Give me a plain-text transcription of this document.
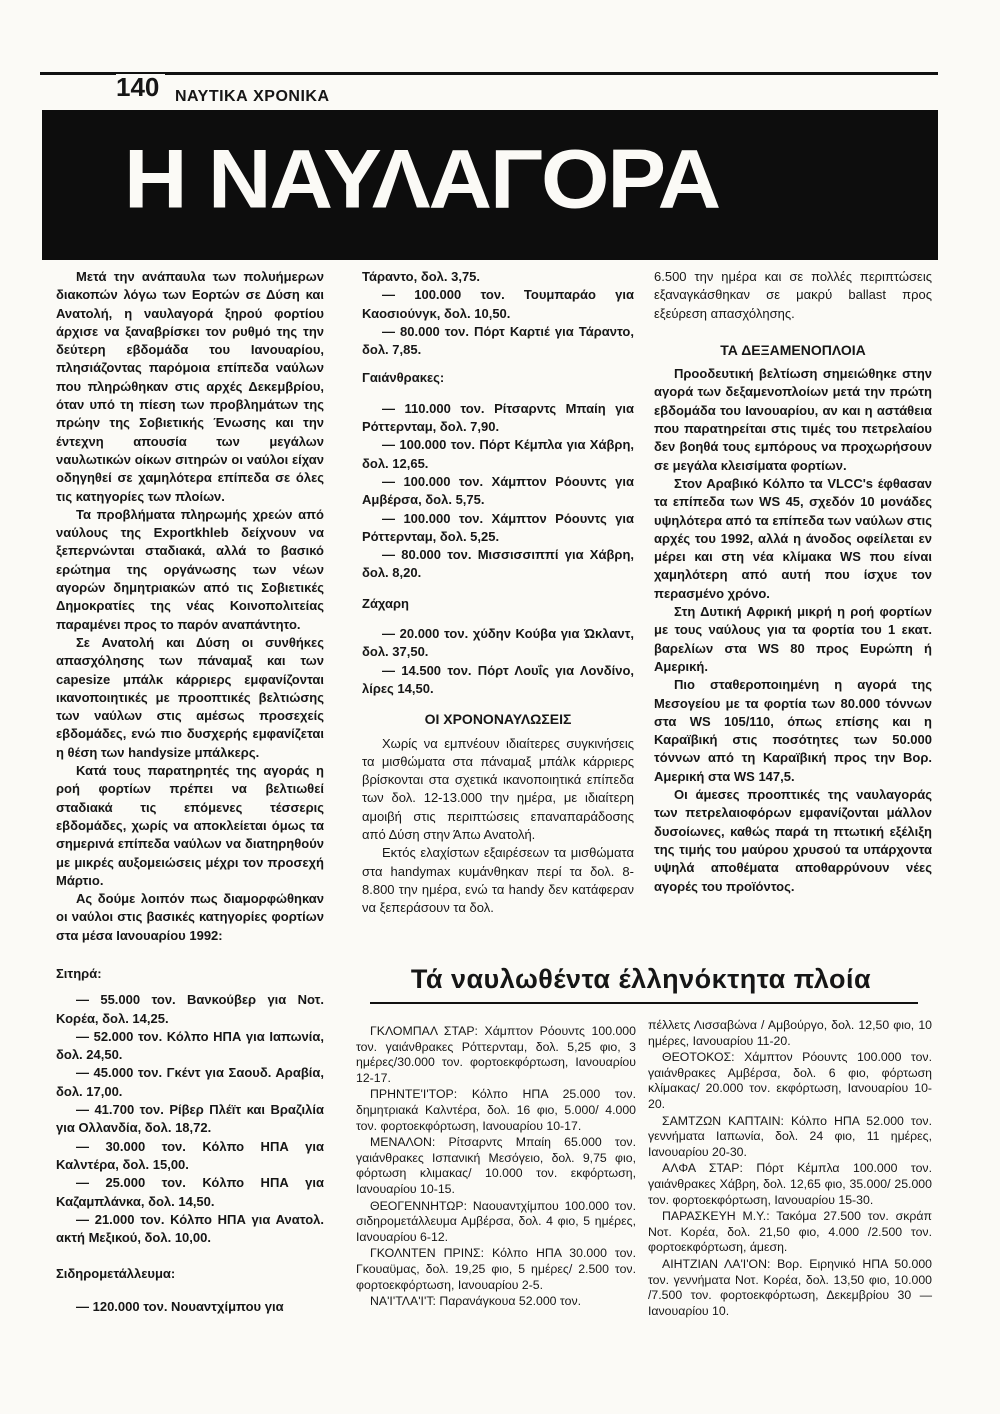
140 ΝΑΥΤΙΚΑ ΧΡΟΝΙΚΑ
Η ΝΑΥΛΑΓΟΡΑ

Μετά την ανάπαυλα των πολυήμερων διακοπών λόγω των Εορτών σε Δύση και Ανατολή, η ναυλαγορά ξηρού φορτίου άρχισε να ξαναβρίσκει τον ρυθμό της την δεύτερη εβδομάδα του Ιανουαρίου, πλησιάζοντας παρόμοια επίπεδα ναύλων που πληρώθηκαν στις αρχές Δεκεμβρίου, όταν υπό τη πίεση των προβλημάτων της πρώην της Σοβιετικής Ένωσης και την έντεχνη απουσία των μεγάλων ναυλωτικών οίκων σιτηρών οι ναύλοι είχαν οδηγηθεί σε χαμηλότερα επίπεδα σε όλες τις κατηγορίες των πλοίων.

Τα προβλήματα πληρωμής χρεών από ναύλους της Exportkhleb δείχνουν να ξεπερνώνται σταδιακά, αλλά το βασικό ερώτημα της οργάνωσης των νέων αγορών δημητριακών από τις Σοβιετικές Δημοκρατίες της νέας Κοινοπολιτείας παραμένει προς το παρόν αναπάντητο.

Σε Ανατολή και Δύση οι συνθήκες απασχόλησης των πάναμαξ και των capesize μπάλκ κάρριερς εμφανίζονται ικανοποιητικές με προοπτικές βελτιώσης των ναύλων στις αμέσως προσεχείς εβδομάδες, ενώ πιο δυσχερής εμφανίζεται η θέση των handysize μπάλκερς.

Κατά τους παρατηρητές της αγοράς η ροή φορτίων πρέπει να βελτιωθεί σταδιακά τις επόμενες τέσσερις εβδομάδες, χωρίς να αποκλείεται όμως τα σημερινά επίπεδα ναύλων να διατηρηθούν με μικρές αυξομειώσεις μέχρι τον προσεχή Μάρτιο.

Ας δούμε λοιπόν πως διαμορφώθηκαν οι ναύλοι στις βασικές κατηγορίες φορτίων στα μέσα Ιανουαρίου 1992:

Σιτηρά:

— 55.000 τον. Βανκούβερ για Νοτ. Κορέα, δολ. 14,25.

— 52.000 τον. Κόλπο ΗΠΑ για Ιαπωνία, δολ. 24,50.

— 45.000 τον. Γκέντ για Σαουδ. Αραβία, δολ. 17,00.

— 41.700 τον. Ρίβερ Πλέϊτ και Βραζιλία για Ολλανδία, δολ. 18,72.

— 30.000 τον. Κόλπο ΗΠΑ για Καλντέρα, δολ. 15,00.

— 25.000 τον. Κόλπο ΗΠΑ για Καζαμπλάνκα, δολ. 14,50.

— 21.000 τον. Κόλπο ΗΠΑ για Ανατολ. ακτή Μεξικού, δολ. 10,00.

Σιδηρομετάλλευμα:

— 120.000 τον. Νουαντχίμπου για

Τάραντο, δολ. 3,75.

— 100.000 τον. Τουμπαράο για Καοσιούνγκ, δολ. 10,50.

— 80.000 τον. Πόρτ Καρτιέ για Τάραντο, δολ. 7,85.

Γαιάνθρακες:

— 110.000 τον. Ρίτσαρντς Μπαίη για Ρόττερνταμ, δολ. 7,90.

— 100.000 τον. Πόρτ Κέμπλα για Χάβρη, δολ. 12,65.

— 100.000 τον. Χάμπτον Ρόουντς για Αμβέρσα, δολ. 5,75.

— 100.000 τον. Χάμπτον Ρόουντς για Ρόττερνταμ, δολ. 5,25.

— 80.000 τον. Μισσισσιππί για Χάβρη, δολ. 8,20.

Ζάχαρη

— 20.000 τον. χύδην Κούβα για Ώκλαντ, δολ. 37,50.

— 14.500 τον. Πόρτ Λουΐς για Λονδίνο, λίρες 14,50.

ΟΙ ΧΡΟΝΟΝΑΥΛΩΣΕΙΣ

Χωρίς να εμπνέουν ιδιαίτερες συγκινήσεις τα μισθώματα στα πάναμαξ μπάλκ κάρριερς βρίσκονται στα σχετικά ικανοποιητικά επίπεδα των δολ. 12-13.000 την ημέρα, με ιδιαίτερη αμοιβή στις περιπτώσεις επαναπαράδοσης από Δύση στην Άπω Ανατολή.

Εκτός ελαχίστων εξαιρέσεων τα μισθώματα στα handymax κυμάνθηκαν περί τα δολ. 8-8.800 την ημέρα, ενώ τα handy δεν κατάφεραν να ξεπεράσουν τα δολ.

6.500 την ημέρα και σε πολλές περιπτώσεις εξαναγκάσθηκαν σε μακρύ ballast προς εξεύρεση απασχόλησης.

ΤΑ ΔΕΞΑΜΕΝΟΠΛΟΙΑ

Προοδευτική βελτίωση σημειώθηκε στην αγορά των δεξαμενοπλοίων μετά την πρώτη εβδομάδα του Ιανουαρίου, αν και η αστάθεια που παρατηρείται στις τιμές του πετρελαίου δεν βοηθά τους εμπόρους να προχωρήσουν σε μεγάλα κλεισίματα φορτίων.

Στον Αραβικό Κόλπο τα VLCC's έφθασαν τα επίπεδα των WS 45, σχεδόν 10 μονάδες υψηλότερα από τα επίπεδα των ναύλων στις αρχές του 1992, αλλά η άνοδος οφείλεται εν μέρει και στη νέα κλίμακα WS που είναι χαμηλότερη από αυτή που ίσχυε τον περασμένο χρόνο.

Στη Δυτική Αφρική μικρή η ροή φορτίων με τους ναύλους για τα φορτία του 1 εκατ. βαρελίων στα WS 80 προς Ευρώπη ή Αμερική.

Πιο σταθεροποιημένη η αγορά της Μεσογείου με τα φορτία των 80.000 τόννων στα WS 105/110, όπως επίσης και η Καραϊβική στις ποσότητες των 50.000 τόννων από τη Καραϊβική προς την Βορ. Αμερική στα WS 147,5.

Οι άμεσες προοπτικές της ναυλαγοράς των πετρελαιοφόρων εμφανίζονται μάλλον δυσοίωνες, καθώς παρά τη πτωτική εξέλιξη της τιμής του μαύρου χρυσού τα υπάρχοντα υψηλά αποθέματα αποθαρρύνουν νέες αγορές του προϊόντος.

Τά ναυλωθέντα έλληνόκτητα πλοία

ΓΚΛΟΜΠΑΛ ΣΤΑΡ: Χάμπτον Ρόουντς 100.000 τον. γαιάνθρακες Ρόττερνταμ, δολ. 5,25 φιο, 3 ημέρες/30.000 τον. φορτοεκφόρτωση, Ιανουαρίου 12-17.

ΠΡΗΝΤΕ'Ι'ΤΟΡ: Κόλπο ΗΠΑ 25.000 τον. δημητριακά Καλντέρα, δολ. 16 φιο, 5.000/ 4.000 τον. φορτοεκφόρτωση, Ιανουαρίου 10-17.

ΜΕΝΑΛΟΝ: Ρίτσαρντς Μπαίη 65.000 τον. γαιάνθρακες Ισπανική Μεσόγειο, δολ. 9,75 φιο, φόρτωση κλιμακας/ 10.000 τον. εκφόρτωση, Ιανουαρίου 10-15.

ΘΕΟΓΕΝΝΗΤΩΡ: Ναουαντχίμπου 100.000 τον. σιδηρομετάλλευμα Αμβέρσα, δολ. 4 φιο, 5 ημέρες, Ιανουαρίου 6-12.

ΓΚΟΛΝΤΕΝ ΠΡΙΝΣ: Κόλπο ΗΠΑ 30.000 τον. Γκουαϋμας, δολ. 19,25 φιο, 5 ημέρες/ 2.500 τον. φορτοεκφόρτωση, Ιανουαρίου 2-5.

ΝΑ'Ι'ΤΛΑ'Ι'Τ: Παρανάγκουα 52.000 τον.

πέλλετς Λισσαβώνα / Αμβούργο, δολ. 12,50 φιο, 10 ημέρες, Ιανουαρίου 11-20.

ΘΕΟΤΟΚΟΣ: Χάμπτον Ρόουντς 100.000 τον. γαιάνθρακες Αμβέρσα, δολ. 6 φιο, φόρτωση κλίμακας/ 20.000 τον. εκφόρτωση, Ιανουαρίου 10-20.

ΣΑΜΤΖΩΝ ΚΑΠΤΑΙΝ: Κόλπο ΗΠΑ 52.000 τον. γεννήματα Ιαπωνία, δολ. 24 φιο, 11 ημέρες, Ιανουαρίου 20-30.

ΑΛΦΑ ΣΤΑΡ: Πόρτ Κέμπλα 100.000 τον. γαιάνθρακες Χάβρη, δολ. 12,65 φιο, 35.000/ 25.000 τον. φορτοεκφόρτωση, Ιανουαρίου 15-30.

ΠΑΡΑΣΚΕΥΗ Μ.Υ.: Τακόμα 27.500 τον. σκράπ Νοτ. Κορέα, δολ. 21,50 φιο, 4.000 /2.500 τον. φορτοεκφόρτωση, άμεση.

ΑΙΗΤΖΙΑΝ ΛΑ'Ι'ΟΝ: Βορ. Ειρηνικό ΗΠΑ 50.000 τον. γεννήματα Νοτ. Κορέα, δολ. 13,50 φιο, 10.000 /7.500 τον. φορτοεκφόρτωση, Δεκεμβρίου 30 — Ιανουαρίου 10.
